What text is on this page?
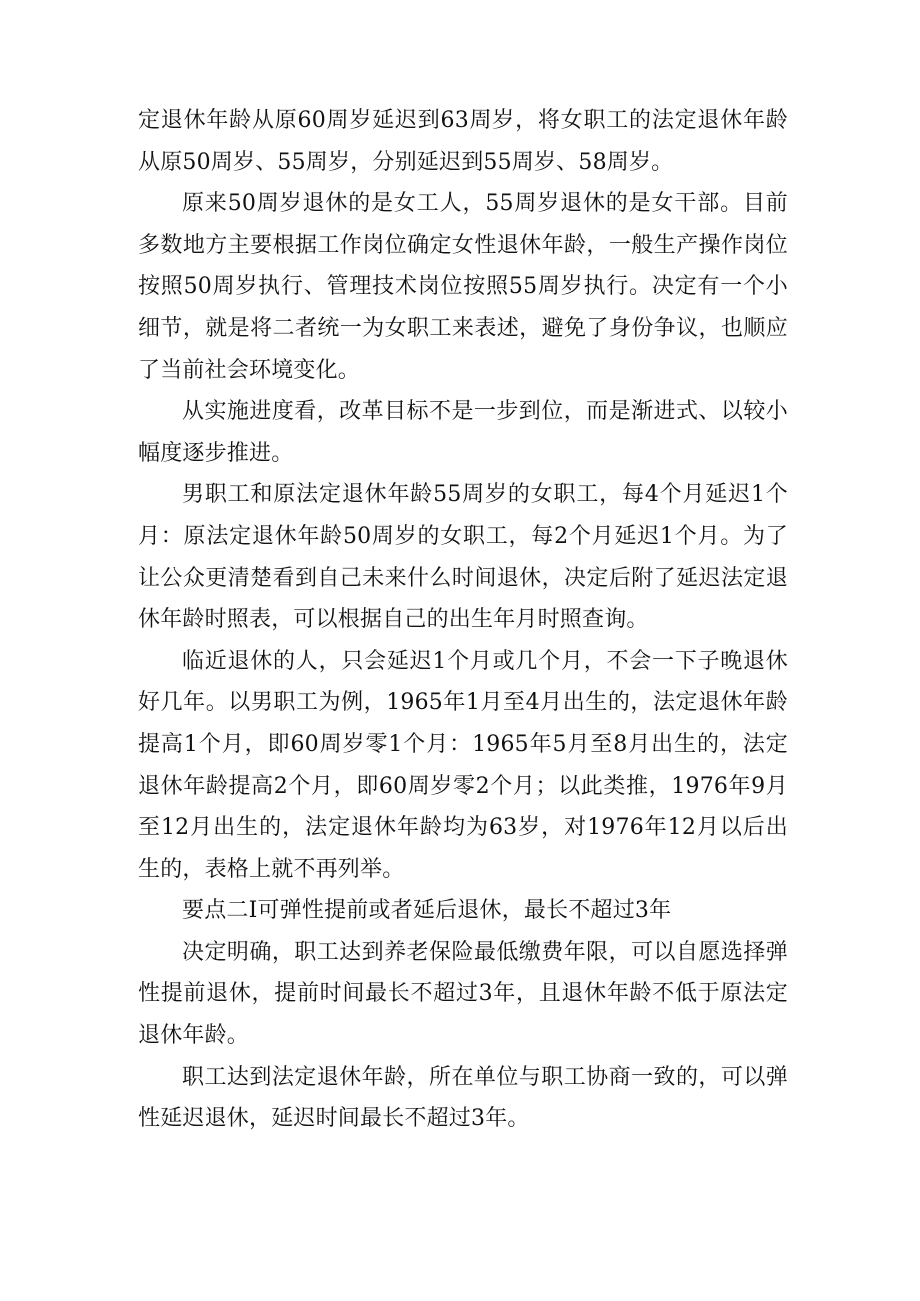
定退休年龄从原60周岁延迟到63周岁，将女职工的法定退休年龄从原50周岁、55周岁，分别延迟到55周岁、58周岁。

原来50周岁退休的是女工人，55周岁退休的是女干部。目前多数地方主要根据工作岗位确定女性退休年龄，一般生产操作岗位按照50周岁执行、管理技术岗位按照55周岁执行。决定有一个小细节，就是将二者统一为女职工来表述，避免了身份争议，也顺应了当前社会环境变化。

从实施进度看，改革目标不是一步到位，而是渐进式、以较小幅度逐步推进。

男职工和原法定退休年龄55周岁的女职工，每4个月延迟1个月：原法定退休年龄50周岁的女职工，每2个月延迟1个月。为了让公众更清楚看到自己未来什么时间退休，决定后附了延迟法定退休年龄时照表，可以根据自己的出生年月时照查询。

临近退休的人，只会延迟1个月或几个月，不会一下子晚退休好几年。以男职工为例，1965年1月至4月出生的，法定退休年龄提高1个月，即60周岁零1个月：1965年5月至8月出生的，法定退休年龄提高2个月，即60周岁零2个月；以此类推，1976年9月至12月出生的，法定退休年龄均为63岁，对1976年12月以后出生的，表格上就不再列举。

要点二I可弹性提前或者延后退休，最长不超过3年

决定明确，职工达到养老保险最低缴费年限，可以自愿选择弹性提前退休，提前时间最长不超过3年，且退休年龄不低于原法定退休年龄。

职工达到法定退休年龄，所在单位与职工协商一致的，可以弹性延迟退休，延迟时间最长不超过3年。
